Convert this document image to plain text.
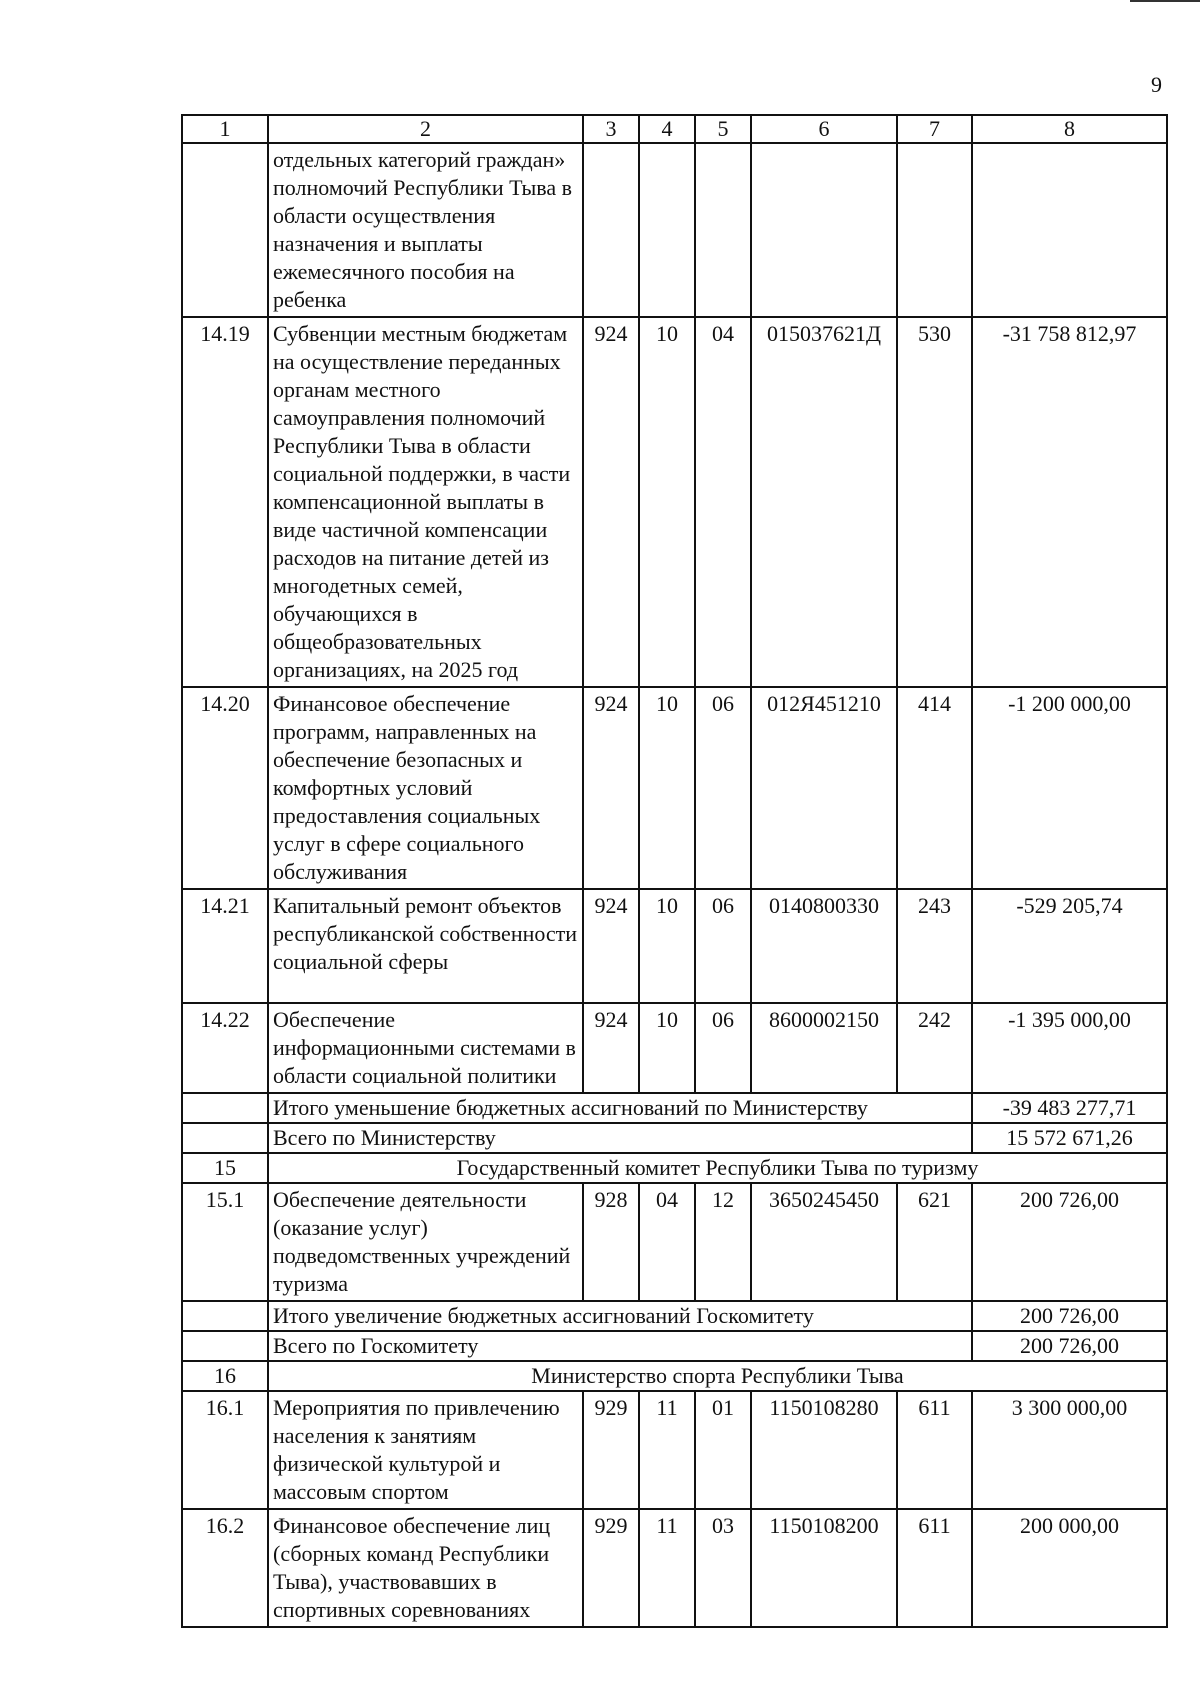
9
1	2	3	4	5	6	7	8
	отдельных категорий граждан» полномочий Республики Тыва в области осуществления назначения и выплаты ежемесячного пособия на ребенка						
14.19	Субвенции местным бюджетам на осуществление переданных органам местного самоуправления полномочий Республики Тыва в области социальной поддержки, в части компенсационной выплаты в виде частичной компенсации расходов на питание детей из многодетных семей, обучающихся в общеобразовательных организациях, на 2025 год	924	10	04	015037621Д	530	-31 758 812,97
14.20	Финансовое обеспечение программ, направленных на обеспечение безопасных и комфортных условий предоставления социальных услуг в сфере социального обслуживания	924	10	06	012Я451210	414	-1 200 000,00
14.21	Капитальный ремонт объектов республиканской собственности социальной сферы	924	10	06	0140800330	243	-529 205,74
14.22	Обеспечение информационными системами в области социальной политики	924	10	06	8600002150	242	-1 395 000,00
	Итого уменьшение бюджетных ассигнований по Министерству						-39 483 277,71
	Всего по Министерству						15 572 671,26
15	Государственный комитет Республики Тыва по туризму						
15.1	Обеспечение деятельности (оказание услуг) подведомственных учреждений туризма	928	04	12	3650245450	621	200 726,00
	Итого увеличение бюджетных ассигнований Госкомитету						200 726,00
	Всего по Госкомитету						200 726,00
16	Министерство спорта Республики Тыва						
16.1	Мероприятия по привлечению населения к занятиям физической культурой и массовым спортом	929	11	01	1150108280	611	3 300 000,00
16.2	Финансовое обеспечение лиц (сборных команд Республики Тыва), участвовавших в спортивных соревнованиях	929	11	03	1150108200	611	200 000,00
